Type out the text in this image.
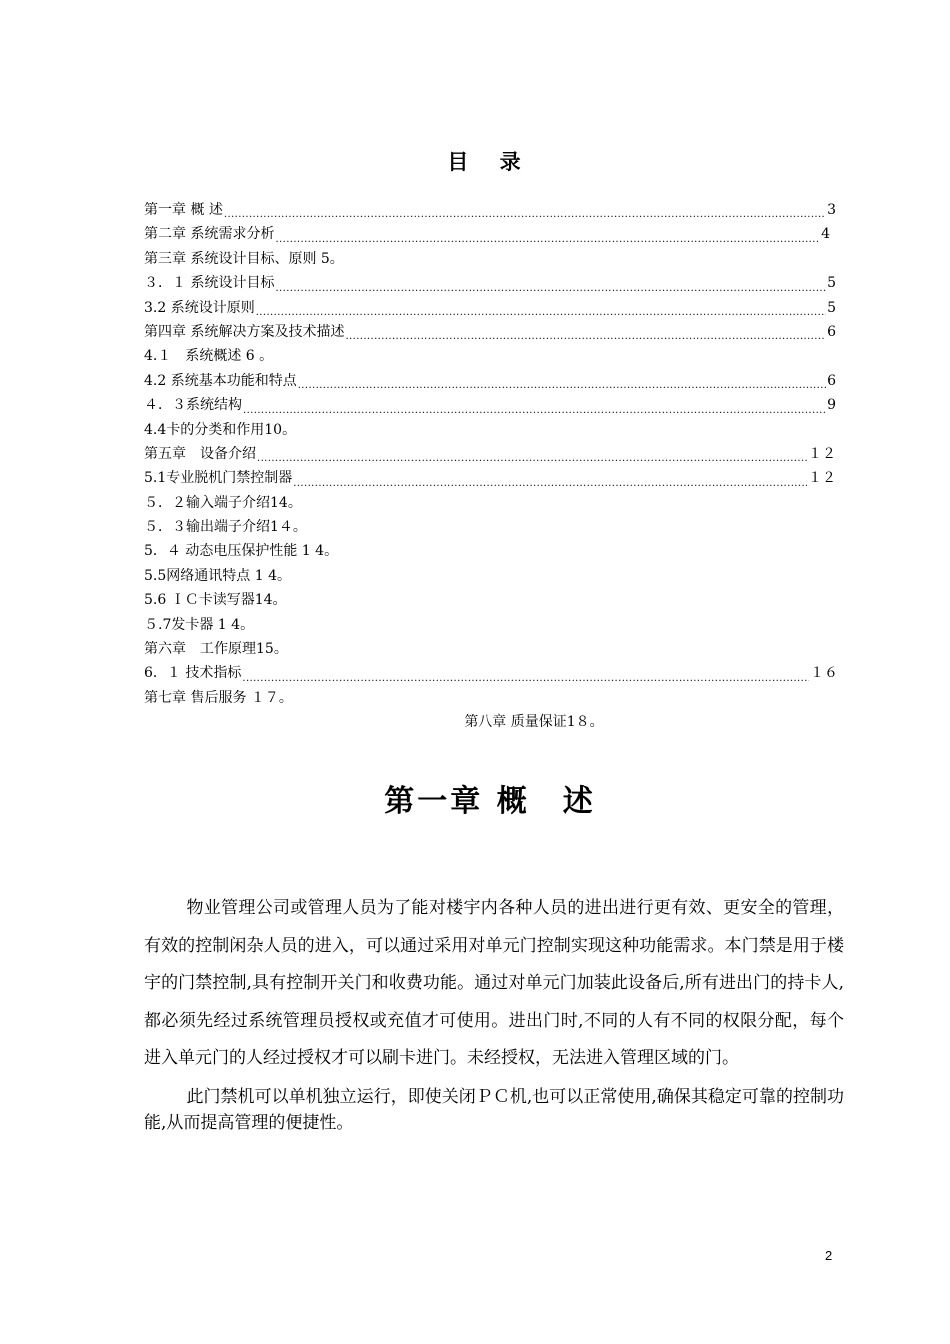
目 录
第一章 概 述 .....	3
第二章 系统需求分析 .....	4
第三章 系统设计目标、原则 5。
３．１ 系统设计目标 .....	5
3.2 系统设计原则 .....	5
第四章 系统解决方案及技术描述 .....	6
4.１　系统概述 6 。
4.2 系统基本功能和特点 .....	6
４．３系统结构 .....	9
4.4卡的分类和作用10。
第五章　设备介绍 .....	１２
5.1专业脱机门禁控制器 .....	１２
５．２输入端子介绍14。
５．３输出端子介绍1４。
5．４ 动态电压保护性能 1 4。
5.5网络通讯特点 1 4。
5.6 ＩＣ卡读写器14。
５.7发卡器 1 4。
第六章　工作原理15。
6．１ 技术指标 .....	１６
第七章 售后服务 １７。
第八章 质量保证1８。
第一章 概　述

物业管理公司或管理人员为了能对楼宇内各种人员的进出进行更有效、更安全的管理，有效的控制闲杂人员的进入，可以通过采用对单元门控制实现这种功能需求。本门禁是用于楼宇的门禁控制,具有控制开关门和收费功能。通过对单元门加装此设备后,所有进出门的持卡人,都必须先经过系统管理员授权或充值才可使用。进出门时,不同的人有不同的权限分配，每个进入单元门的人经过授权才可以刷卡进门。未经授权，无法进入管理区域的门。

此门禁机可以单机独立运行，即使关闭ＰＣ机,也可以正常使用,确保其稳定可靠的控制功能,从而提高管理的便捷性。

2
